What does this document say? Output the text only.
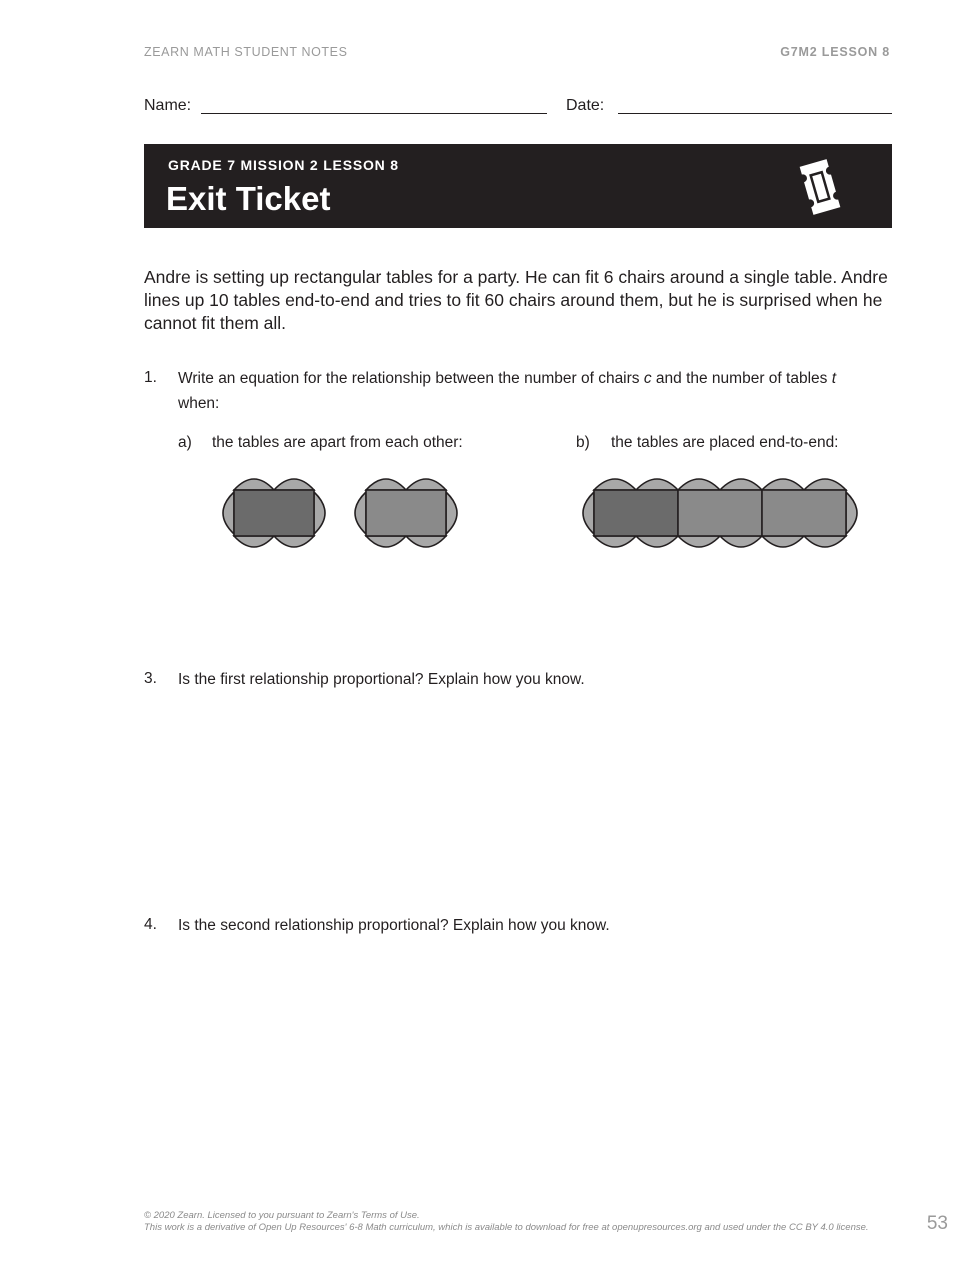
ZEARN MATH STUDENT NOTES	G7M2 LESSON 8
Name:	Date:
GRADE 7 MISSION 2 LESSON 8
Exit Ticket
Andre is setting up rectangular tables for a party. He can fit 6 chairs around a single table. Andre lines up 10 tables end-to-end and tries to fit 60 chairs around them, but he is surprised when he cannot fit them all.
1. Write an equation for the relationship between the number of chairs c and the number of tables t
when:
a) the tables are apart from each other:	b) the tables are placed end-to-end:
3. Is the first relationship proportional? Explain how you know.
4. Is the second relationship proportional? Explain how you know.
© 2020 Zearn. Licensed to you pursuant to Zearn's Terms of Use.
This work is a derivative of Open Up Resources' 6-8 Math curriculum, which is available to download for free at openupresources.org and used under the CC BY 4.0 license.	53
